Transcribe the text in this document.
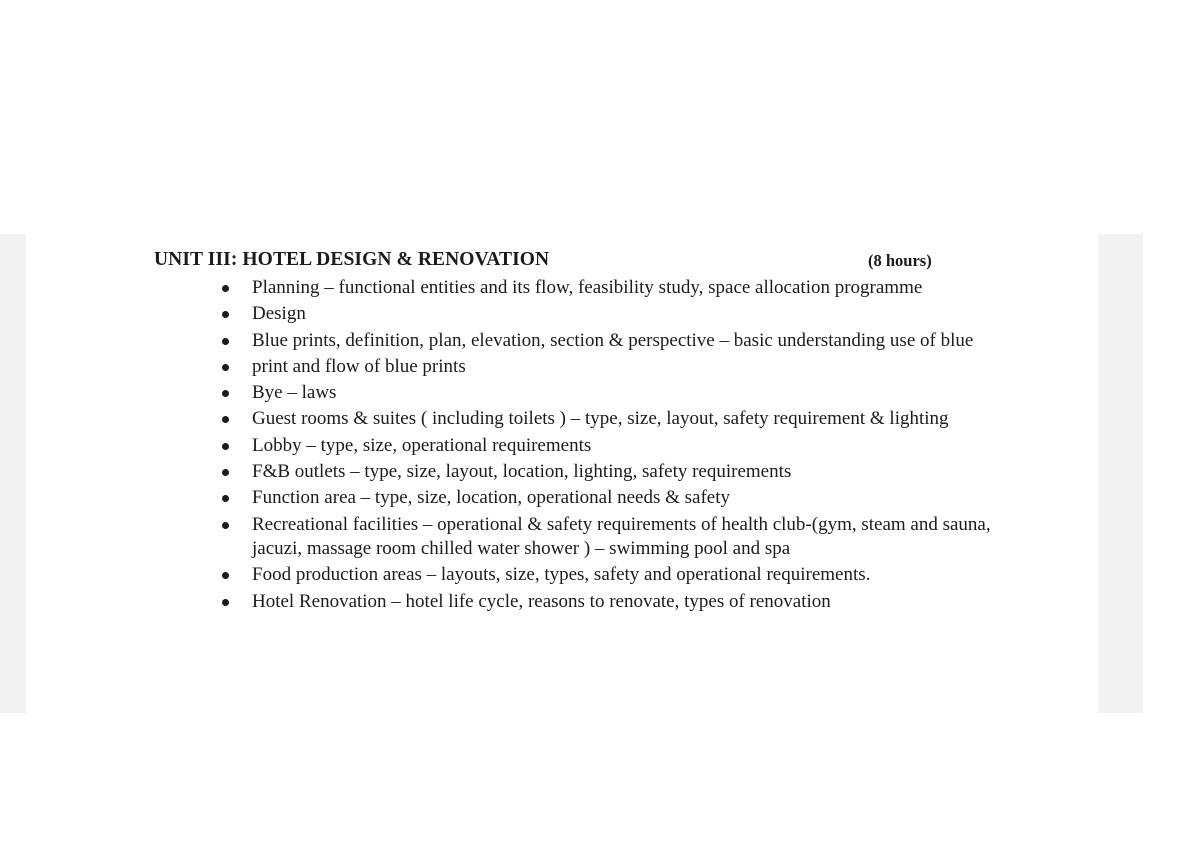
UNIT III: HOTEL DESIGN & RENOVATION	(8 hours)
Planning – functional entities and its flow, feasibility study, space allocation programme
Design
Blue prints, definition, plan, elevation, section & perspective – basic understanding use of blue
print and flow of blue prints
Bye – laws
Guest rooms & suites ( including toilets ) – type, size, layout, safety requirement & lighting
Lobby – type, size, operational requirements
F&B outlets – type, size, layout, location, lighting, safety requirements
Function area – type, size, location, operational needs & safety
Recreational facilities – operational & safety requirements of health club-(gym, steam and sauna, jacuzi, massage room chilled water shower ) – swimming pool and spa
Food production areas – layouts, size, types, safety and operational requirements.
Hotel Renovation – hotel life cycle, reasons to renovate, types of renovation
